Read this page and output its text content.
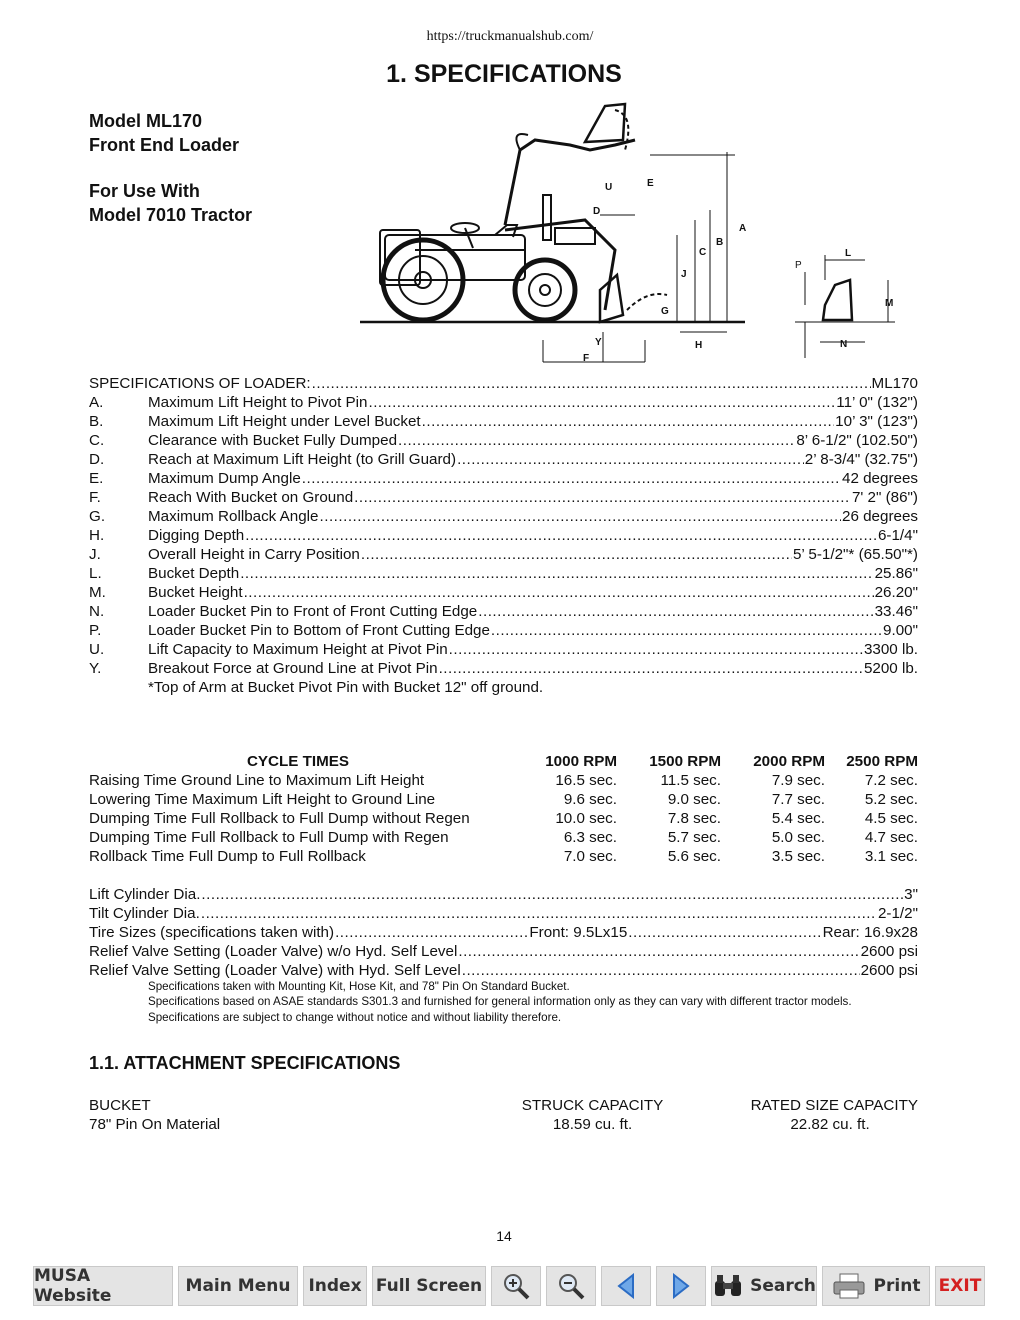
https://truckmanualshub.com/
1. SPECIFICATIONS
Model ML170
Front End Loader
For Use With
Model 7010 Tractor
U	E
D
A
B
C
J
G
Y
F
H
P
L
M
N
SPECIFICATIONS OF LOADER: .....	ML170
A.	Maximum Lift Height to Pivot Pin .....	11’ 0" (132")
B.	Maximum Lift Height under Level Bucket .....	10’ 3" (123")
C.	Clearance with Bucket Fully Dumped .....	8’ 6-1/2" (102.50")
D.	Reach at Maximum Lift Height (to Grill Guard) .....	2’ 8-3/4" (32.75")
E.	Maximum Dump Angle .....	42 degrees
F.	Reach With Bucket on Ground .....	7' 2" (86")
G.	Maximum Rollback Angle .....	26 degrees
H.	Digging Depth .....	6-1/4"
J.	Overall Height in Carry Position .....	5’ 5-1/2"* (65.50"*)
L.	Bucket Depth .....	25.86"
M.	Bucket Height .....	26.20"
N.	Loader Bucket Pin to Front of Front Cutting Edge .....	33.46"
P.	Loader Bucket Pin to Bottom of Front Cutting Edge .....	9.00"
U.	Lift Capacity to Maximum Height at Pivot Pin .....	3300 lb.
Y.	Breakout Force at Ground Line at Pivot Pin .....	5200 lb.
*Top of Arm at Bucket Pivot Pin with Bucket 12" off ground.
CYCLE TIMES	1000 RPM	1500 RPM	2000 RPM	2500 RPM
Raising Time Ground Line to Maximum Lift Height	16.5 sec.	11.5 sec.	7.9 sec.	7.2 sec.
Lowering Time Maximum Lift Height to Ground Line	9.6 sec.	9.0 sec.	7.7 sec.	5.2 sec.
Dumping Time Full Rollback to Full Dump without Regen	10.0 sec.	7.8 sec.	5.4 sec.	4.5 sec.
Dumping Time Full Rollback to Full Dump with Regen	6.3 sec.	5.7 sec.	5.0 sec.	4.7 sec.
Rollback Time Full Dump to Full Rollback	7.0 sec.	5.6 sec.	3.5 sec.	3.1 sec.
Lift Cylinder Dia. .....	3"
Tilt Cylinder Dia. .....	2-1/2"
Tire Sizes (specifications taken with) .....	Front: 9.5Lx15 .....	Rear: 16.9x28
Relief Valve Setting (Loader Valve) w/o Hyd. Self Level .....	2600 psi
Relief Valve Setting (Loader Valve) with Hyd. Self Level .....	2600 psi
Specifications taken with Mounting Kit, Hose Kit, and 78" Pin On Standard Bucket.
Specifications based on ASAE standards S301.3 and furnished for general information only as they can vary with different tractor models. Specifications are subject to change without notice and without liability therefore.
1.1. ATTACHMENT SPECIFICATIONS
BUCKET	STRUCK CAPACITY	RATED SIZE CAPACITY
78" Pin On Material	18.59 cu. ft.	22.82 cu. ft.
14
MUSA Website	Main Menu	Index Full Screen	Search	Print EXIT
